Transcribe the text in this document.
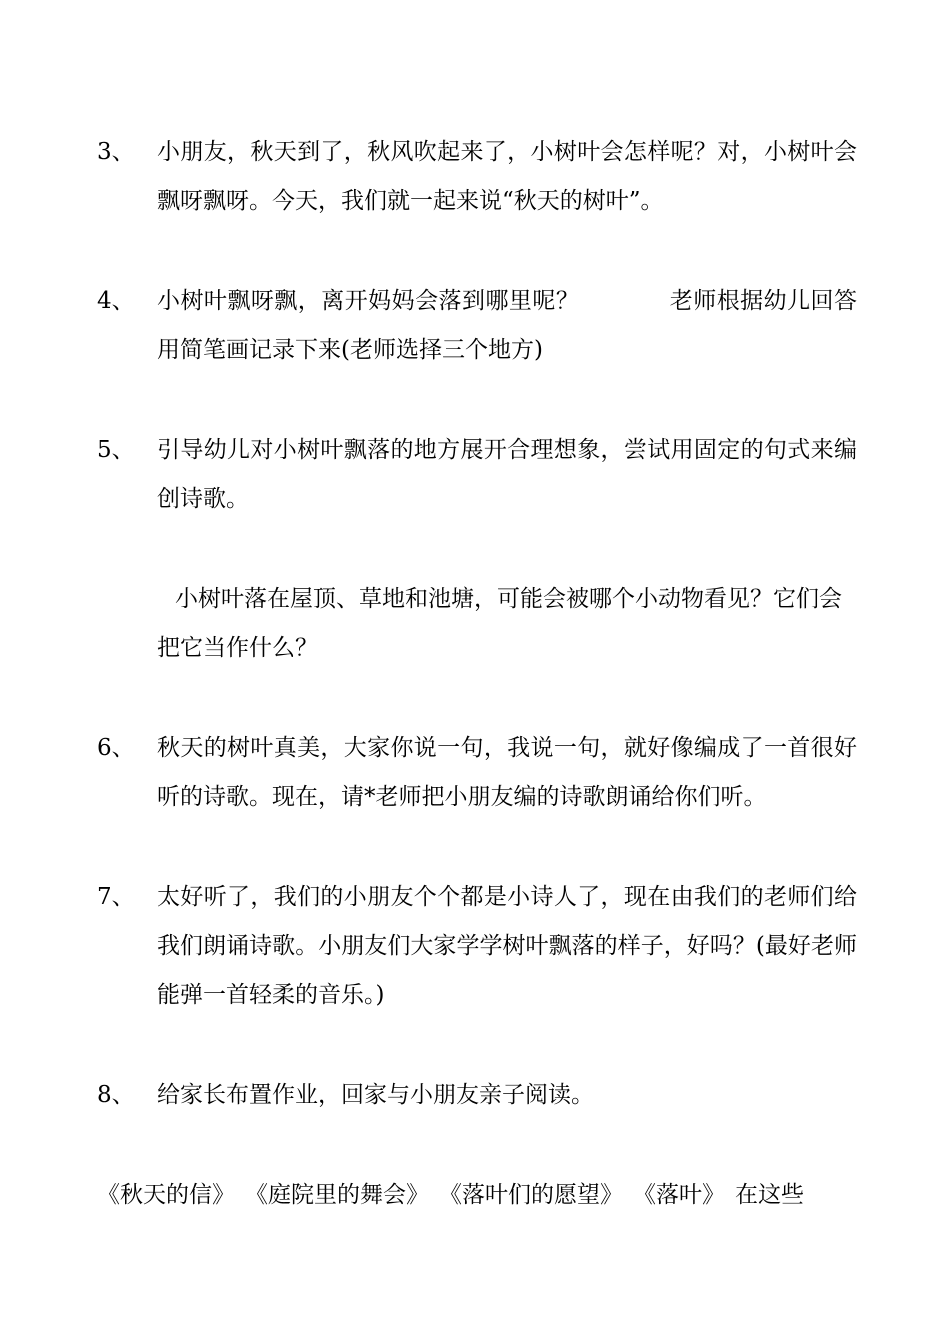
3、 小朋友，秋天到了，秋风吹起来了，小树叶会怎样呢？对，小树叶会飘呀飘呀。今天，我们就一起来说“秋天的树叶”。
4、 小树叶飘呀飘，离开妈妈会落到哪里呢？	老师根据幼儿回答用简笔画记录下来(老师选择三个地方)
5、 引导幼儿对小树叶飘落的地方展开合理想象，尝试用固定的句式来编创诗歌。
小树叶落在屋顶、草地和池塘，可能会被哪个小动物看见？它们会把它当作什么？
6、 秋天的树叶真美，大家你说一句，我说一句，就好像编成了一首很好听的诗歌。现在，请*老师把小朋友编的诗歌朗诵给你们听。
7、 太好听了，我们的小朋友个个都是小诗人了，现在由我们的老师们给我们朗诵诗歌。小朋友们大家学学树叶飘落的样子，好吗？(最好老师能弹一首轻柔的音乐。)
8、 给家长布置作业，回家与小朋友亲子阅读。
《秋天的信》 《庭院里的舞会》 《落叶们的愿望》 《落叶》 在这些
